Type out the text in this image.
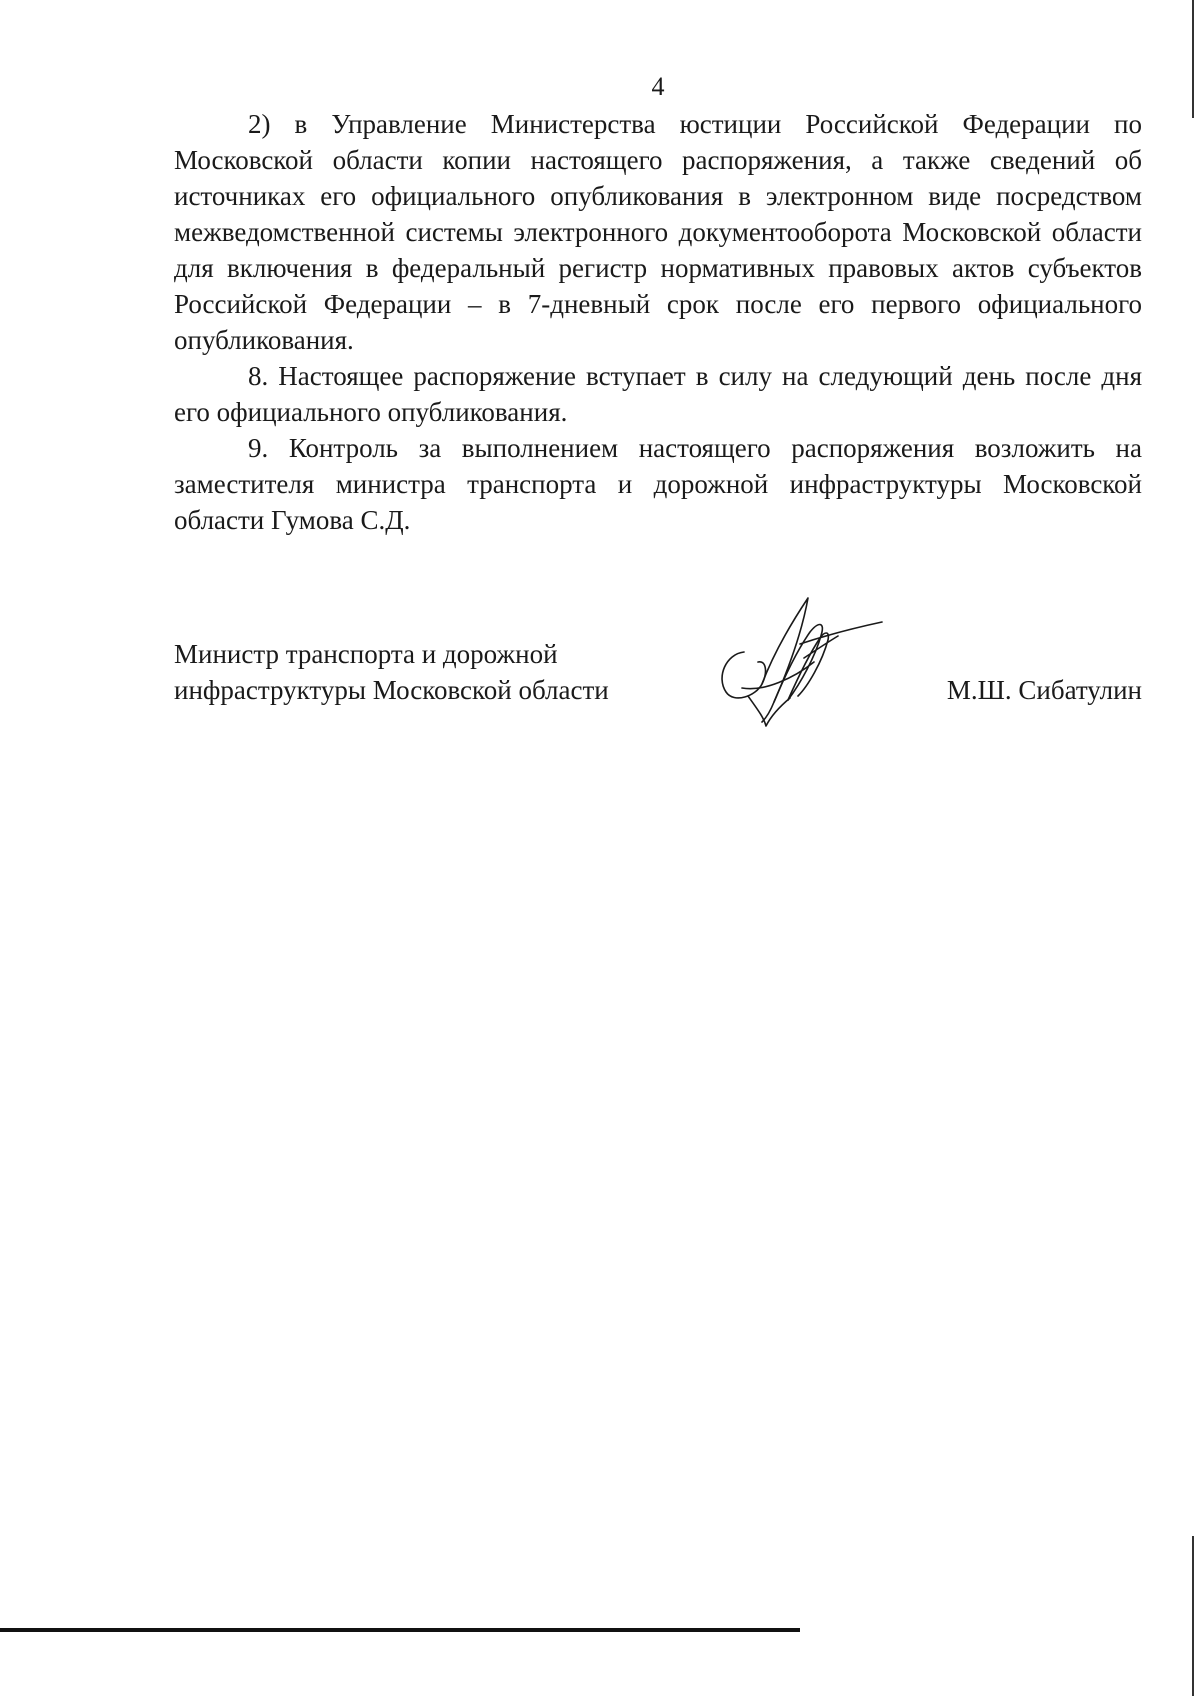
4

2) в Управление Министерства юстиции Российской Федерации по Московской области копии настоящего распоряжения, а также сведений об источниках его официального опубликования в электронном виде посредством межведомственной системы электронного документооборота Московской области для включения в федеральный регистр нормативных правовых актов субъектов Российской Федерации – в 7-дневный срок после его первого официального опубликования.

8. Настоящее распоряжение вступает в силу на следующий день после дня его официального опубликования.

9. Контроль за выполнением настоящего распоряжения возложить на заместителя министра транспорта и дорожной инфраструктуры Московской области Гумова С.Д.

Министр транспорта и дорожной
инфраструктуры Московской области	М.Ш. Сибатулин
